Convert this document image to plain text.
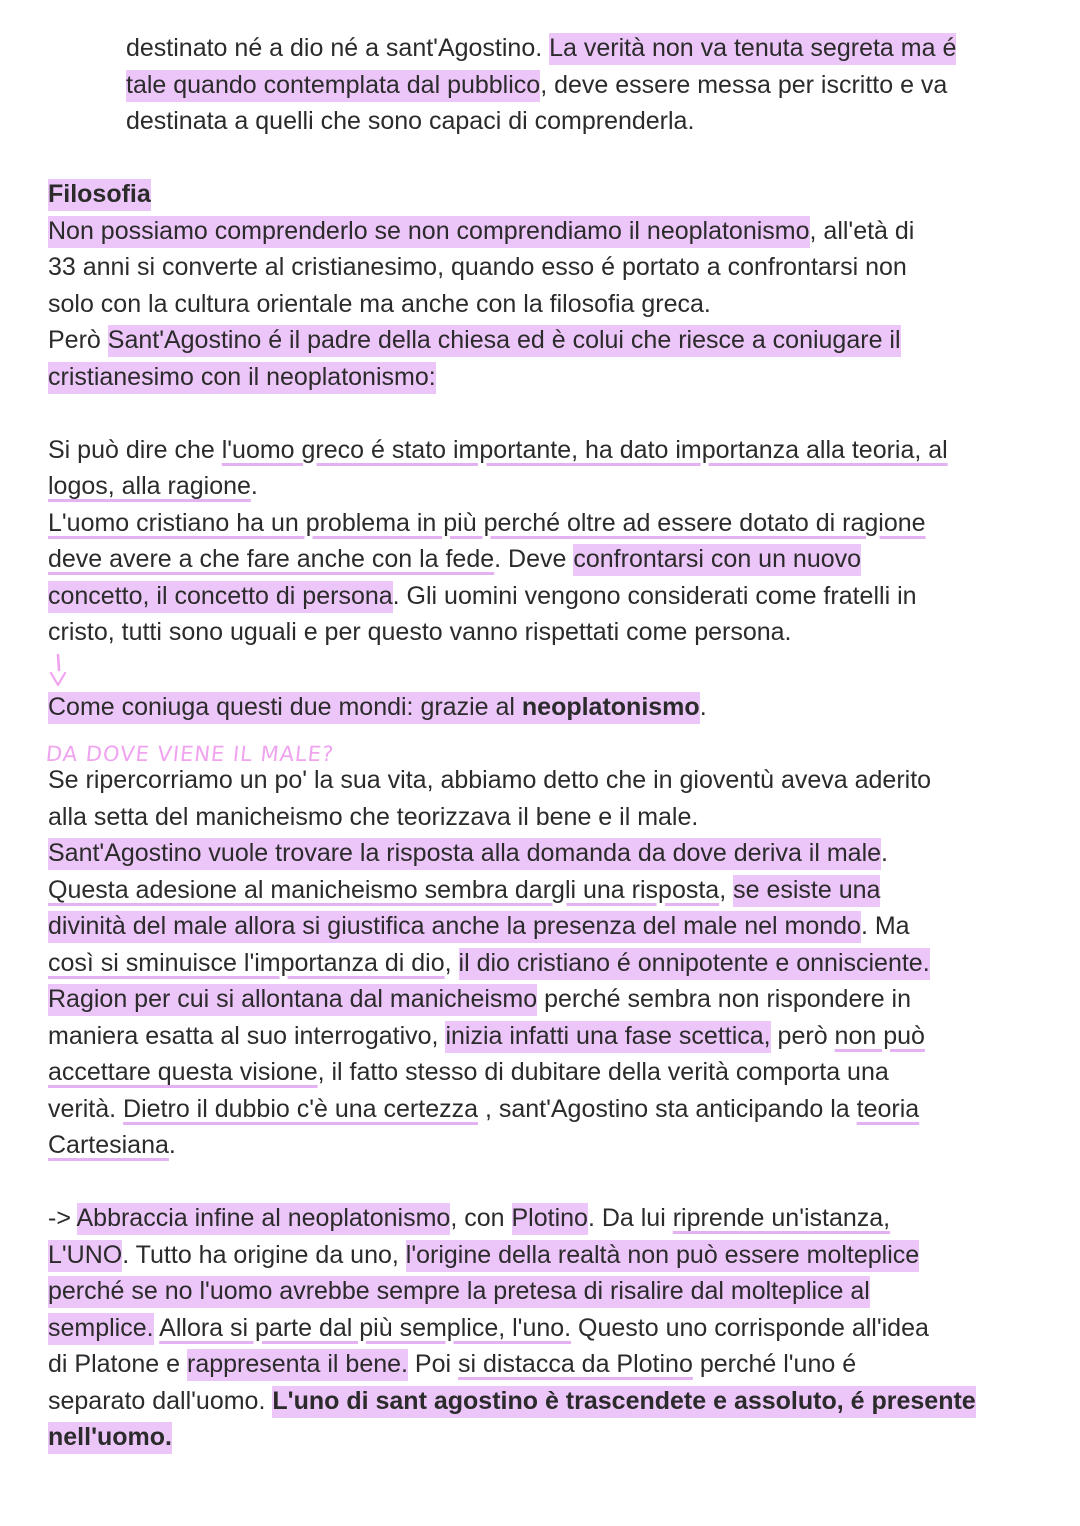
destinato né a dio né a sant'Agostino. La verità non va tenuta segreta ma é
tale quando contemplata dal pubblico, deve essere messa per iscritto e va
destinata a quelli che sono capaci di comprenderla.
Filosofia
Non possiamo comprenderlo se non comprendiamo il neoplatonismo, all'età di
33 anni si converte al cristianesimo, quando esso é portato a confrontarsi non
solo con la cultura orientale ma anche con la filosofia greca.
Però Sant'Agostino é il padre della chiesa ed è colui che riesce a coniugare il
cristianesimo con il neoplatonismo:
Si può dire che l'uomo greco é stato importante, ha dato importanza alla teoria, al
logos, alla ragione.
L'uomo cristiano ha un problema in più perché oltre ad essere dotato di ragione
deve avere a che fare anche con la fede. Deve confrontarsi con un nuovo
concetto, il concetto di persona. Gli uomini vengono considerati come fratelli in
cristo, tutti sono uguali e per questo vanno rispettati come persona.
Come coniuga questi due mondi: grazie al neoplatonismo.
DA DOVE VIENE IL MALE?
Se ripercorriamo un po' la sua vita, abbiamo detto che in gioventù aveva aderito
alla setta del manicheismo che teorizzava il bene e il male.
Sant'Agostino vuole trovare la risposta alla domanda da dove deriva il male.
Questa adesione al manicheismo sembra dargli una risposta, se esiste una
divinità del male allora si giustifica anche la presenza del male nel mondo. Ma
così si sminuisce l'importanza di dio, il dio cristiano é onnipotente e onnisciente.
Ragion per cui si allontana dal manicheismo perché sembra non rispondere in
maniera esatta al suo interrogativo, inizia infatti una fase scettica, però non può
accettare questa visione, il fatto stesso di dubitare della verità comporta una
verità. Dietro il dubbio c'è una certezza , sant'Agostino sta anticipando la teoria
Cartesiana.
-> Abbraccia infine al neoplatonismo, con Plotino. Da lui riprende un'istanza,
L'UNO. Tutto ha origine da uno, l'origine della realtà non può essere molteplice
perché se no l'uomo avrebbe sempre la pretesa di risalire dal molteplice al
semplice. Allora si parte dal più semplice, l'uno. Questo uno corrisponde all'idea
di Platone e rappresenta il bene. Poi si distacca da Plotino perché l'uno é
separato dall'uomo. L'uno di sant agostino è trascendete e assoluto, é presente
nell'uomo.
